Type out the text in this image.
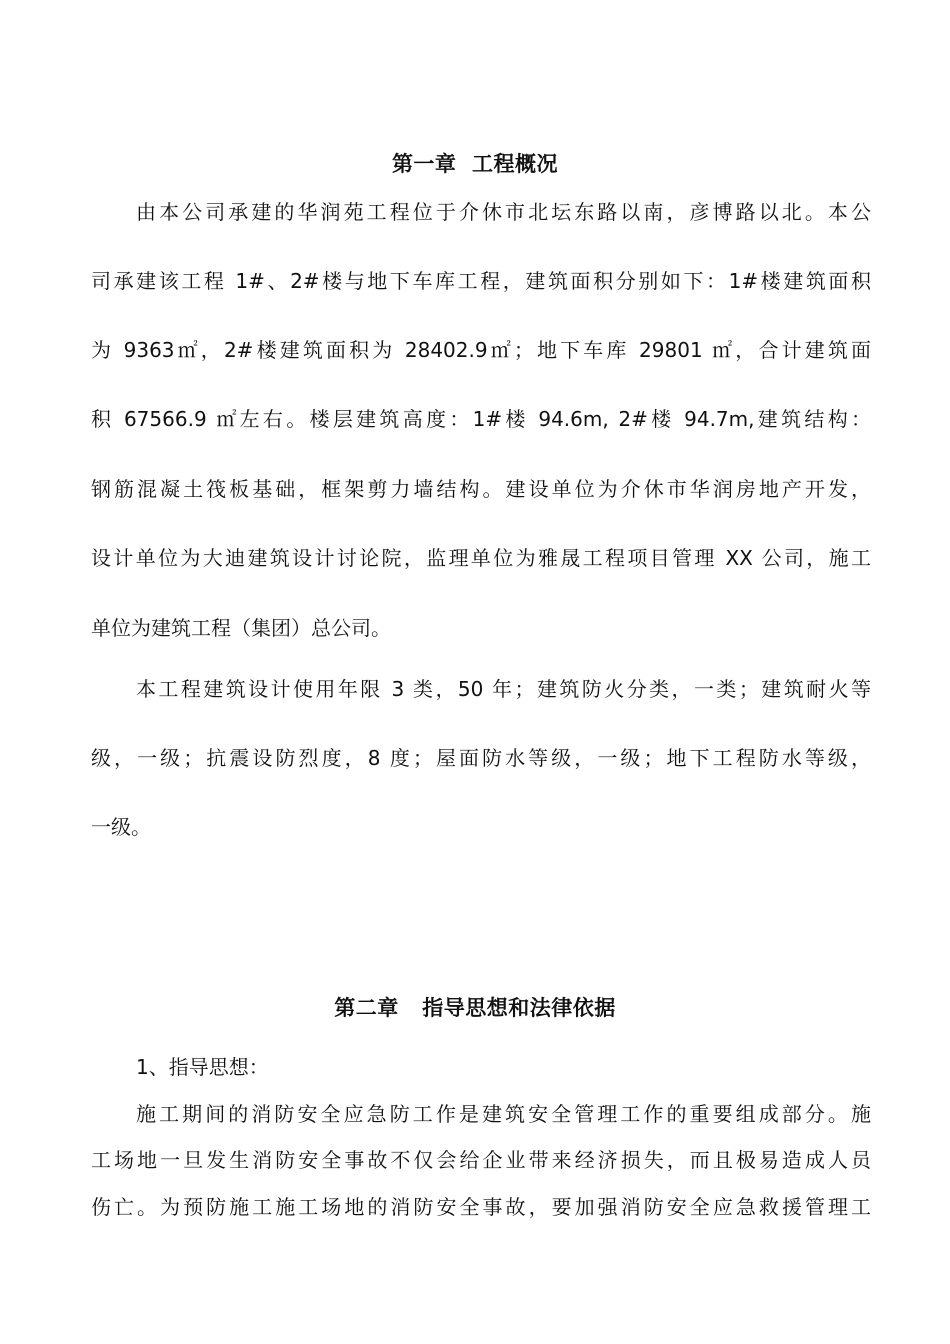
第一章  工程概况
由本公司承建的华润苑工程位于介休市北坛东路以南，彦博路以北。本公
司承建该工程 1#、2#楼与地下车库工程，建筑面积分别如下：1#楼建筑面积
为 9363㎡，2#楼建筑面积为 28402.9㎡；地下车库 29801 ㎡，合计建筑面
积 67566.9 ㎡左右。楼层建筑高度：1#楼 94.6m, 2#楼 94.7m,建筑结构：
钢筋混凝土筏板基础，框架剪力墙结构。建设单位为介休市华润房地产开发，
设计单位为大迪建筑设计讨论院，监理单位为雅晟工程项目管理 XX 公司，施工
单位为建筑工程（集团）总公司。
本工程建筑设计使用年限 3 类，50 年；建筑防火分类，一类；建筑耐火等
级，一级；抗震设防烈度，8 度；屋面防水等级，一级；地下工程防水等级，
一级。
第二章   指导思想和法律依据
1、指导思想：
施工期间的消防安全应急防工作是建筑安全管理工作的重要组成部分。施
工场地一旦发生消防安全事故不仅会给企业带来经济损失，而且极易造成人员
伤亡。为预防施工施工场地的消防安全事故，要加强消防安全应急救援管理工
